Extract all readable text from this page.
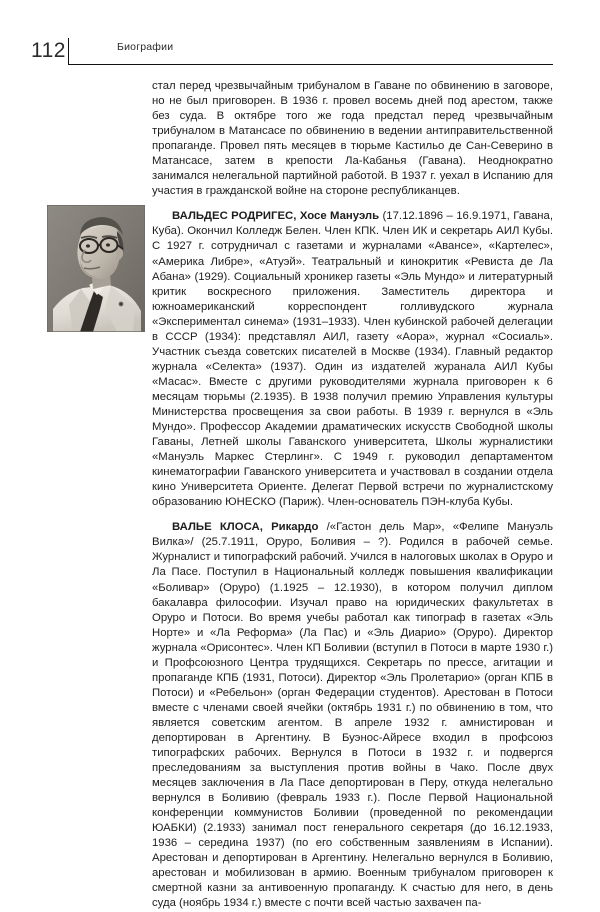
112	Биографии

стал перед чрезвычайным трибуналом в Гаване по обвинению в заговоре, но не был приговорен. В 1936 г. провел восемь дней под арестом, также без суда. В октябре того же года предстал перед чрезвычайным трибуналом в Матансасе по обвинению в ведении антиправительственной пропаганде. Провел пять месяцев в тюрьме Кастильо де Сан-Северино в Матансасе, затем в крепости Ла-Кабанья (Гавана). Неоднократно занимался нелегальной партийной работой. В 1937 г. уехал в Испанию для участия в гражданской войне на стороне республиканцев.

ВАЛЬДЕС РОДРИГЕС, Хосе Мануэль (17.12.1896 – 16.9.1971, Гавана, Куба). Окончил Колледж Белен. Член КПК. Член ИК и секретарь АИЛ Кубы. С 1927 г. сотрудничал с газетами и журналами «Авансе», «Картелес», «Америка Либре», «Атуэй». Театральный и кинокритик «Ревиста де Ла Абана» (1929). Социальный хроникер газеты «Эль Мундо» и литературный критик воскресного приложения. Заместитель директора и южноамериканский корреспондент голливудского журнала «Экспериментал синема» (1931–1933). Член кубинской рабочей делегации в СССР (1934): представлял АИЛ, газету «Аора», журнал «Сосиаль». Участник съезда советских писателей в Москве (1934). Главный редактор журнала «Селекта» (1937). Один из издателей журанала АИЛ Кубы «Масас». Вместе с другими руководителями журнала приговорен к 6 месяцам тюрьмы (2.1935). В 1938 получил премию Управления культуры Министерства просвещения за свои работы. В 1939 г. вернулся в «Эль Мундо». Профессор Академии драматических искусств Свободной школы Гаваны, Летней школы Гаванского университета, Школы журналистики «Мануэль Маркес Стерлинг». С 1949 г. руководил департаментом кинематографии Гаванского университета и участвовал в создании отдела кино Университета Ориенте. Делегат Первой встречи по журналистскому образованию ЮНЕСКО (Париж). Член-основатель ПЭН-клуба Кубы.

ВАЛЬЕ КЛОСА, Рикардо /«Гастон дель Мар», «Фелипе Мануэль Вилка»/ (25.7.1911, Оруро, Боливия – ?). Родился в рабочей семье. Журналист и типографский рабочий. Учился в налоговых школах в Оруро и Ла Пасе. Поступил в Национальный колледж повышения квалификации «Боливар» (Оруро) (1.1925 – 12.1930), в котором получил диплом бакалавра философии. Изучал право на юридических факультетах в Оруро и Потоси. Во время учебы работал как типограф в газетах «Эль Норте» и «Ла Реформа» (Ла Пас) и «Эль Диарио» (Оруро). Директор журнала «Орисонтес». Член КП Боливии (вступил в Потоси в марте 1930 г.) и Профсоюзного Центра трудящихся. Секретарь по прессе, агитации и пропаганде КПБ (1931, Потоси). Директор «Эль Пролетарио» (орган КПБ в Потоси) и «Ребельон» (орган Федерации студентов). Арестован в Потоси вместе с членами своей ячейки (октябрь 1931 г.) по обвинению в том, что является советским агентом. В апреле 1932 г. амнистирован и депортирован в Аргентину. В Буэнос-Айресе входил в профсоюз типографских рабочих. Вернулся в Потоси в 1932 г. и подвергся преследованиям за выступления против войны в Чако. После двух месяцев заключения в Ла Пасе депортирован в Перу, откуда нелегально вернулся в Боливию (февраль 1933 г.). После Первой Национальной конференции коммунистов Боливии (проведенной по рекомендации ЮАБКИ) (2.1933) занимал пост генерального секретаря (до 16.12.1933, 1936 – середина 1937) (по его собственным заявлениям в Испании). Арестован и депортирован в Аргентину. Нелегально вернулся в Боливию, арестован и мобилизован в армию. Военным трибуналом приговорен к смертной казни за антивоенную пропаганду. К счастью для него, в день суда (ноябрь 1934 г.) вместе с почти всей частью захвачен па-
